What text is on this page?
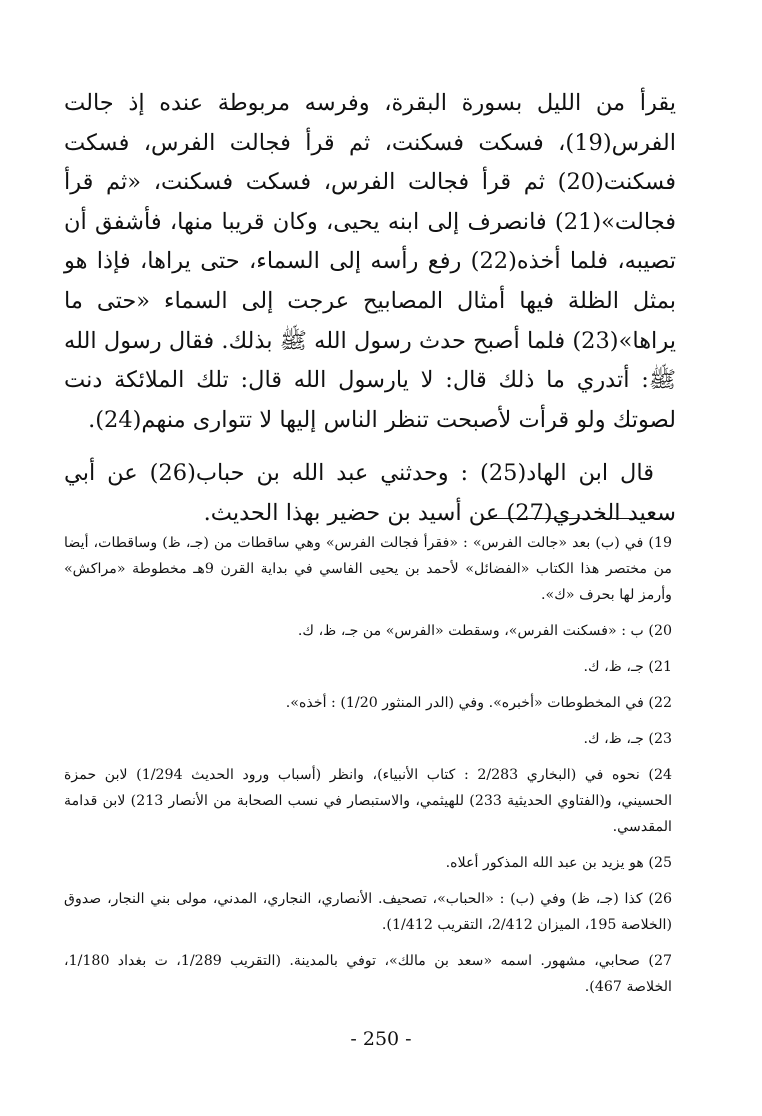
يقرأ من الليل بسورة البقرة، وفرسه مربوطة عنده إذ جالت الفرس(19)، فسكت فسكنت، ثم قرأ فجالت الفرس، فسكت فسكنت(20) ثم قرأ فجالت الفرس، فسكت فسكنت، «ثم قرأ فجالت»(21) فانصرف إلى ابنه يحيى، وكان قريبا منها، فأشفق أن تصيبه، فلما أخذه(22) رفع رأسه إلى السماء، حتى يراها، فإذا هو بمثل الظلة فيها أمثال المصابيح عرجت إلى السماء «حتى ما يراها»(23) فلما أصبح حدث رسول الله ﷺ بذلك. فقال رسول الله ﷺ: أتدري ما ذلك قال: لا يارسول الله قال: تلك الملائكة دنت لصوتك ولو قرأت لأصبحت تنظر الناس إليها لا تتوارى منهم(24).

قال ابن الهاد(25) : وحدثني عبد الله بن حباب(26) عن أبي سعيد الخدري(27) عن أسيد بن حضير بهذا الحديث.

19) في (ب) بعد «جالت الفرس» : «فقرأ فجالت الفرس» وهي ساقطات من (جـ، ظ) وساقطات، أيضا من مختصر هذا الكتاب «الفضائل» لأحمد بن يحيى الفاسي في بداية القرن 9هـ مخطوطة «مراكش» وأرمز لها بحرف «ك».

20) ب : «فسكنت الفرس»، وسقطت «الفرس» من جـ، ظ، ك.

21) جـ، ظ، ك.

22) في المخطوطات «أخبره». وفي (الدر المنثور 1/20) : أخذه».

23) جـ، ظ، ك.

24) نحوه في (البخاري 2/283 : كتاب الأنبياء)، وانظر (أسباب ورود الحديث 1/294) لابن حمزة الحسيني، و(الفتاوي الحديثية 233) للهيثمي، والاستبصار في نسب الصحابة من الأنصار 213) لابن قدامة المقدسي.

25) هو يزيد بن عبد الله المذكور أعلاه.

26) كذا (جـ، ظ) وفي (ب) : «الحباب»، تصحيف. الأنصاري، النجاري، المدني، مولى بني النجار، صدوق (الخلاصة 195، الميزان 2/412، التقريب 1/412).

27) صحابي، مشهور. اسمه «سعد بن مالك»، توفي بالمدينة. (التقريب 1/289، ت بغداد 1/180، الخلاصة 467).

- 250 -
